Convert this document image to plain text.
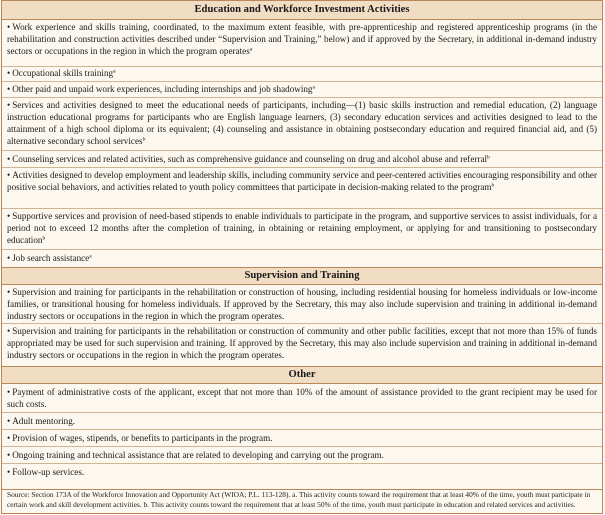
Education and Workforce Investment Activities
• Work experience and skills training, coordinated, to the maximum extent feasible, with pre-apprenticeship and registered apprenticeship programs (in the rehabilitation and construction activities described under “Supervision and Training,” below) and if approved by the Secretary, in additional in-demand industry sectors or occupations in the region in which the program operates$^a$
• Occupational skills training$^a$
• Other paid and unpaid work experiences, including internships and job shadowing$^a$
• Services and activities designed to meet the educational needs of participants, including—(1) basic skills instruction and remedial education, (2) language instruction educational programs for participants who are English language learners, (3) secondary education services and activities designed to lead to the attainment of a high school diploma or its equivalent; (4) counseling and assistance in obtaining postsecondary education and required financial aid, and (5) alternative secondary school services$^b$
• Counseling services and related activities, such as comprehensive guidance and counseling on drug and alcohol abuse and referral$^b$
• Activities designed to develop employment and leadership skills, including community service and peer-centered activities encouraging responsibility and other positive social behaviors, and activities related to youth policy committees that participate in decision-making related to the program$^b$
• Supportive services and provision of need-based stipends to enable individuals to participate in the program, and supportive services to assist individuals, for a period not to exceed 12 months after the completion of training, in obtaining or retaining employment, or applying for and transitioning to postsecondary education$^b$
• Job search assistance$^a$
Supervision and Training
• Supervision and training for participants in the rehabilitation or construction of housing, including residential housing for homeless individuals or low-income families, or transitional housing for homeless individuals. If approved by the Secretary, this may also include supervision and training in additional in-demand industry sectors or occupations in the region in which the program operates.
• Supervision and training for participants in the rehabilitation or construction of community and other public facilities, except that not more than 15% of funds appropriated may be used for such supervision and training. If approved by the Secretary, this may also include supervision and training in additional in-demand industry sectors or occupations in the region in which the program operates.
Other
• Payment of administrative costs of the applicant, except that not more than 10% of the amount of assistance provided to the grant recipient may be used for such costs.
• Adult mentoring.
• Provision of wages, stipends, or benefits to participants in the program.
• Ongoing training and technical assistance that are related to developing and carrying out the program.
• Follow-up services.
Source: Section 173A of the Workforce Innovation and Opportunity Act (WIOA; P.L. 113-128). a. This activity counts toward the requirement that at least 40% of the time, youth must participate in certain work and skill development activities. b. This activity counts toward the requirement that at least 50% of the time, youth must participate in education and related services and activities.
